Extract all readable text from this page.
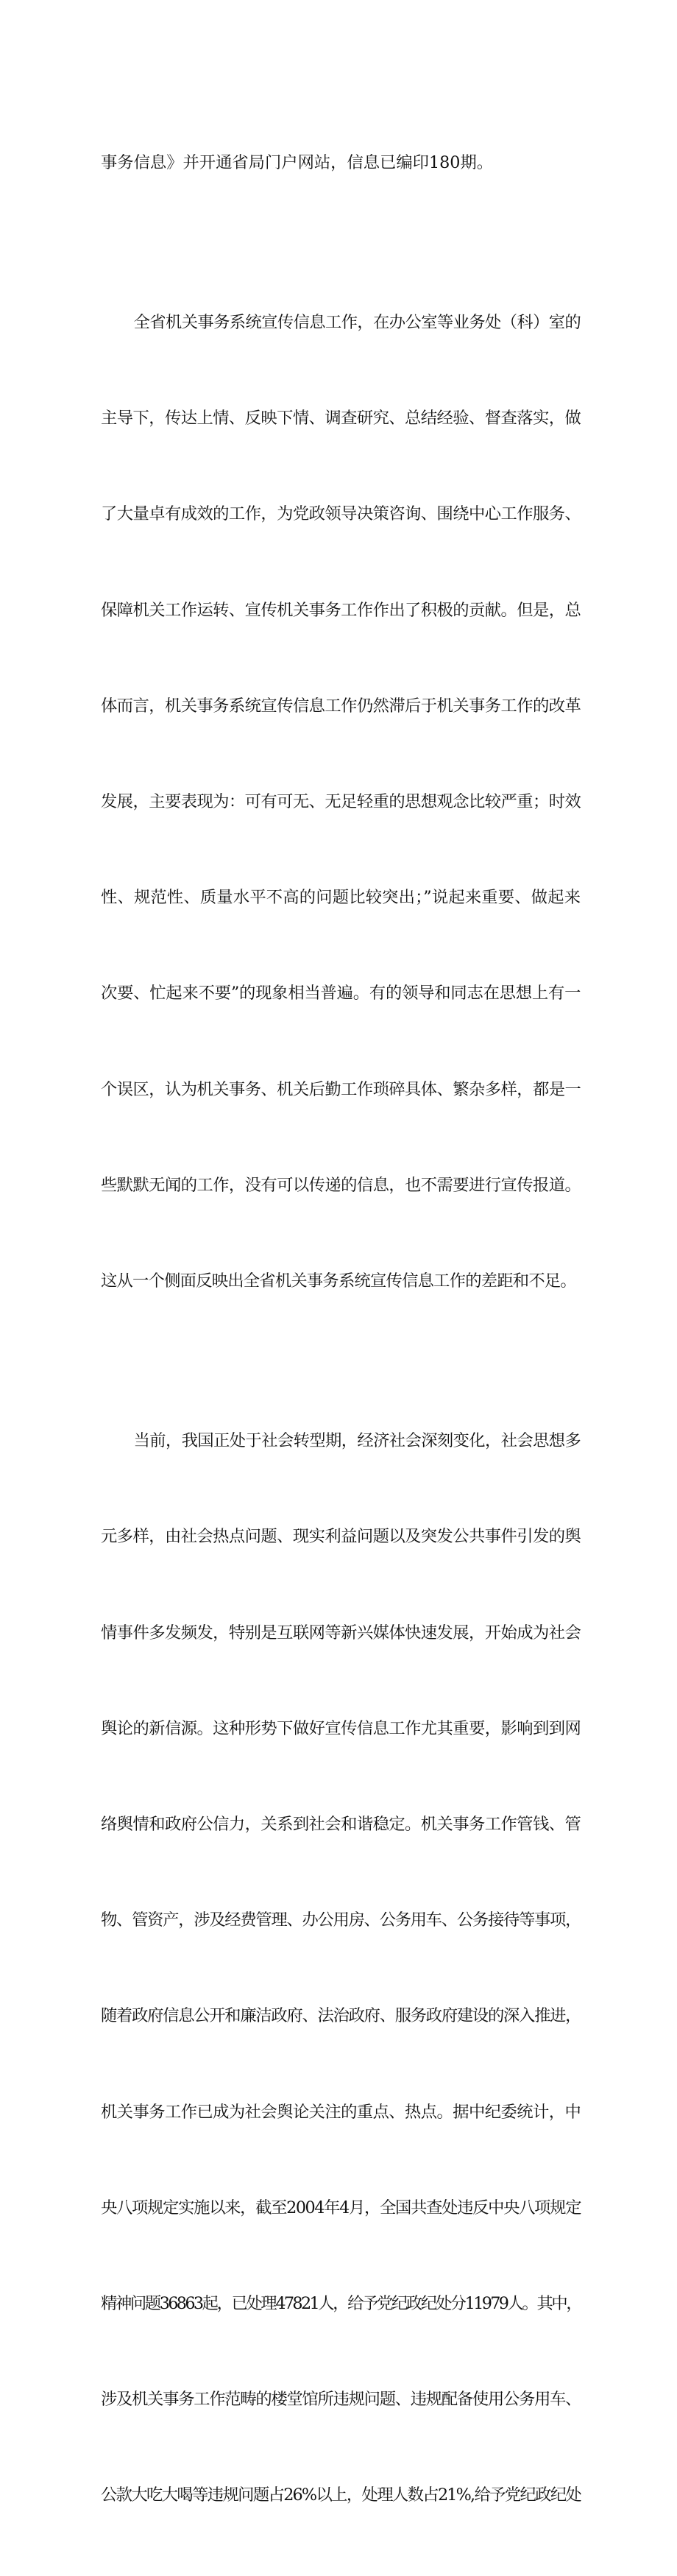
事务信息》并开通省局门户网站，信息已编印180期。

全省机关事务系统宣传信息工作，在办公室等业务处（科）室的

主导下，传达上情、反映下情、调查研究、总结经验、督查落实，做

了大量卓有成效的工作，为党政领导决策咨询、围绕中心工作服务、

保障机关工作运转、宣传机关事务工作作出了积极的贡献。但是，总

体而言，机关事务系统宣传信息工作仍然滞后于机关事务工作的改革

发展，主要表现为：可有可无、无足轻重的思想观念比较严重；时效

性、规范性、质量水平不高的问题比较突出；”说起来重要、做起来

次要、忙起来不要”的现象相当普遍。有的领导和同志在思想上有一

个误区，认为机关事务、机关后勤工作琐碎具体、繁杂多样，都是一

些默默无闻的工作，没有可以传递的信息，也不需要进行宣传报道。

这从一个侧面反映出全省机关事务系统宣传信息工作的差距和不足。

当前，我国正处于社会转型期，经济社会深刻变化，社会思想多

元多样，由社会热点问题、现实利益问题以及突发公共事件引发的舆

情事件多发频发，特别是互联网等新兴媒体快速发展，开始成为社会

舆论的新信源。这种形势下做好宣传信息工作尤其重要，影响到到网

络舆情和政府公信力，关系到社会和谐稳定。机关事务工作管钱、管

物、管资产，涉及经费管理、办公用房、公务用车、公务接待等事项，

随着政府信息公开和廉洁政府、法治政府、服务政府建设的深入推进，

机关事务工作已成为社会舆论关注的重点、热点。据中纪委统计，中

央八项规定实施以来，截至2004年4月，全国共查处违反中央八项规定

精神问题36863起，已处理47821人，给予党纪政纪处分11979人。其中，

涉及机关事务工作范畴的楼堂馆所违规问题、违规配备使用公务用车、

公款大吃大喝等违规问题占26%以上，处理人数占21%,给予党纪政纪处
